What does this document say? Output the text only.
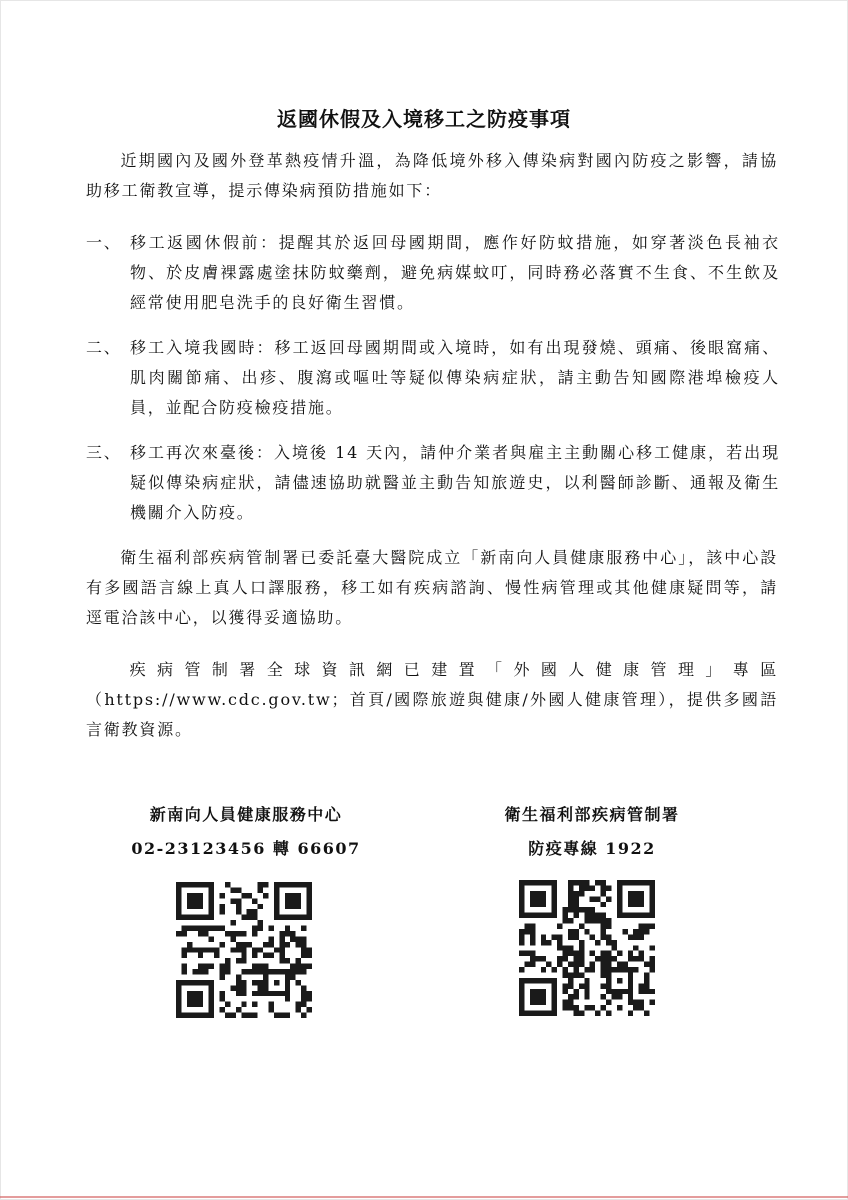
返國休假及入境移工之防疫事項
近期國內及國外登革熱疫情升溫，為降低境外移入傳染病對國內防疫之影響，請協助移工衛教宣導，提示傳染病預防措施如下：
一、 移工返國休假前：提醒其於返回母國期間，應作好防蚊措施，如穿著淡色長袖衣物、於皮膚裸露處塗抹防蚊藥劑，避免病媒蚊叮，同時務必落實不生食、不生飲及經常使用肥皂洗手的良好衛生習慣。
二、 移工入境我國時：移工返回母國期間或入境時，如有出現發燒、頭痛、後眼窩痛、肌肉關節痛、出疹、腹瀉或嘔吐等疑似傳染病症狀，請主動告知國際港埠檢疫人員，並配合防疫檢疫措施。
三、 移工再次來臺後：入境後 14 天內，請仲介業者與雇主主動關心移工健康，若出現疑似傳染病症狀，請儘速協助就醫並主動告知旅遊史，以利醫師診斷、通報及衛生機關介入防疫。
衛生福利部疾病管制署已委託臺大醫院成立「新南向人員健康服務中心」，該中心設有多國語言線上真人口譯服務，移工如有疾病諮詢、慢性病管理或其他健康疑問等，請逕電洽該中心，以獲得妥適協助。
疾病管制署全球資訊網已建置「外國人健康管理」專區（https://www.cdc.gov.tw；首頁/國際旅遊與健康/外國人健康管理），提供多國語言衛教資源。
新南向人員健康服務中心
02-23123456 轉 66607
衛生福利部疾病管制署
防疫專線 1922
